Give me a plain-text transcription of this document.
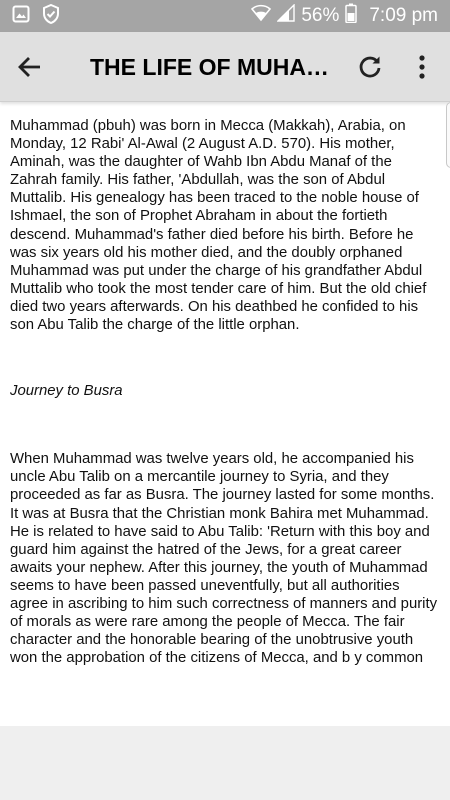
56% 7:09 pm
THE LIFE OF MUHA…

Muhammad (pbuh) was born in Mecca (Makkah), Arabia, on Monday, 12 Rabi' Al-Awal (2 August A.D. 570). His mother, Aminah, was the daughter of Wahb Ibn Abdu Manaf of the Zahrah family. His father, 'Abdullah, was the son of Abdul Muttalib. His genealogy has been traced to the noble house of Ishmael, the son of Prophet Abraham in about the fortieth descend. Muhammad's father died before his birth. Before he was six years old his mother died, and the doubly orphaned Muhammad was put under the charge of his grandfather Abdul Muttalib who took the most tender care of him. But the old chief died two years afterwards. On his deathbed he confided to his son Abu Talib the charge of the little orphan.

Journey to Busra

When Muhammad was twelve years old, he accompanied his uncle Abu Talib on a mercantile journey to Syria, and they proceeded as far as Busra. The journey lasted for some months. It was at Busra that the Christian monk Bahira met Muhammad. He is related to have said to Abu Talib: 'Return with this boy and guard him against the hatred of the Jews, for a great career awaits your nephew. After this journey, the youth of Muhammad seems to have been passed uneventfully, but all authorities agree in ascribing to him such correctness of manners and purity of morals as were rare among the people of Mecca. The fair character and the honorable bearing of the unobtrusive youth won the approbation of the citizens of Mecca, and b y common
